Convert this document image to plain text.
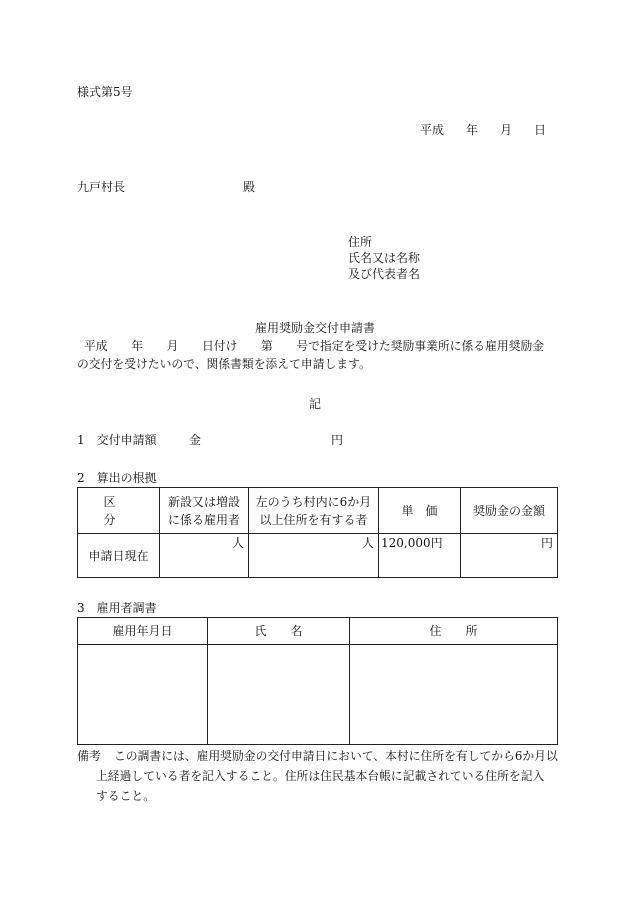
様式第5号
平成 年 月 日
九戸村長	殿
住所
氏名又は名称
及び代表者名
雇用奨励金交付申請書
平成　　年　　月　　日付け　　第　　号で指定を受けた奨励事業所に係る雇用奨励金
の交付を受けたいので、関係書類を添えて申請します。
記
1　交付申請額	金	円
2　算出の根拠
区　分	新設又は増設に係る雇用者	左のうち村内に6か月以上住所を有する者	単　価	奨励金の金額
申請日現在	人	人	120,000円	円
3　雇用者調書
雇用年月日	氏　　名	住　　所

備考 この調書には、雇用奨励金の交付申請日において、本村に住所を有してから6か月以
上経過している者を記入すること。住所は住民基本台帳に記載されている住所を記入
すること。
